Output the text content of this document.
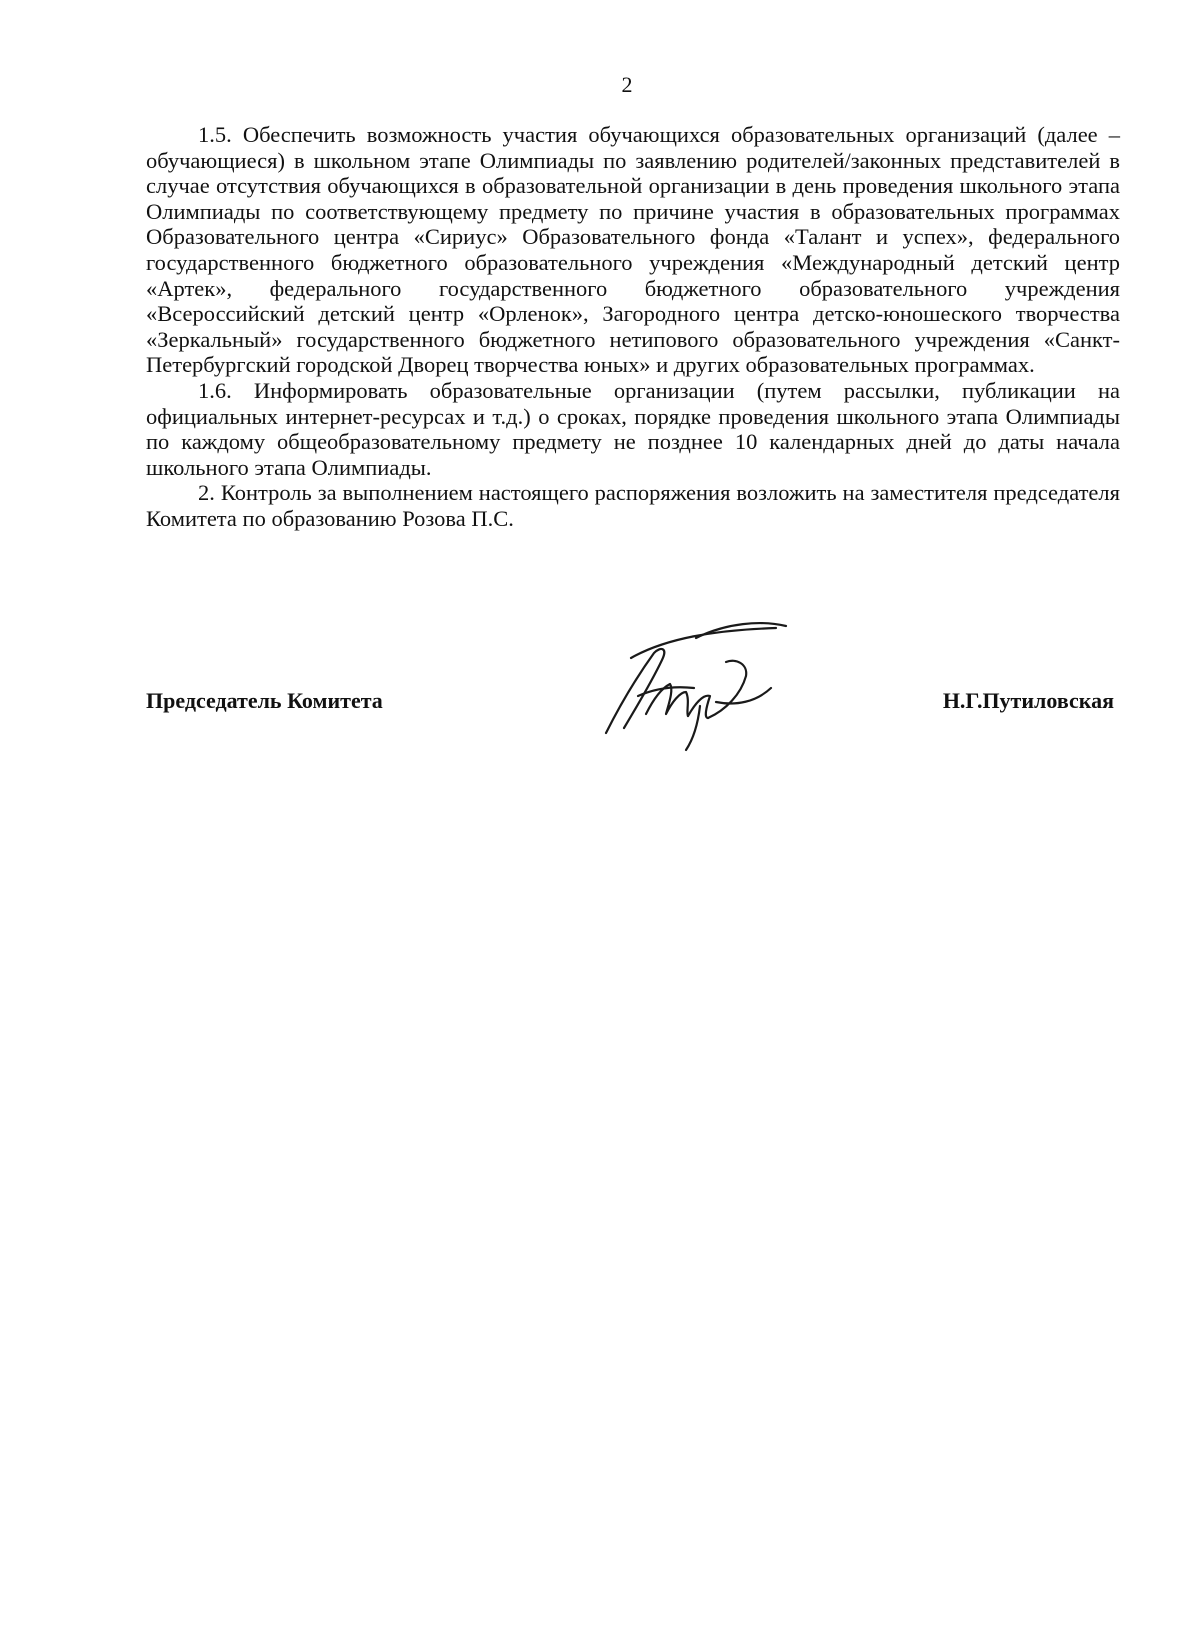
2

1.5. Обеспечить возможность участия обучающихся образовательных организаций (далее – обучающиеся) в школьном этапе Олимпиады по заявлению родителей/законных представителей в случае отсутствия обучающихся в образовательной организации в день проведения школьного этапа Олимпиады по соответствующему предмету по причине участия в образовательных программах Образовательного центра «Сириус» Образовательного фонда «Талант и успех», федерального государственного бюджетного образовательного учреждения «Международный детский центр «Артек», федерального государственного бюджетного образовательного учреждения «Всероссийский детский центр «Орленок», Загородного центра детско-юношеского творчества «Зеркальный» государственного бюджетного нетипового образовательного учреждения «Санкт-Петербургский городской Дворец творчества юных» и других образовательных программах.

1.6. Информировать образовательные организации (путем рассылки, публикации на официальных интернет-ресурсах и т.д.) о сроках, порядке проведения школьного этапа Олимпиады по каждому общеобразовательному предмету не позднее 10 календарных дней до даты начала школьного этапа Олимпиады.

2. Контроль за выполнением настоящего распоряжения возложить на заместителя председателя Комитета по образованию Розова П.С.

Председатель Комитета	Н.Г.Путиловская
